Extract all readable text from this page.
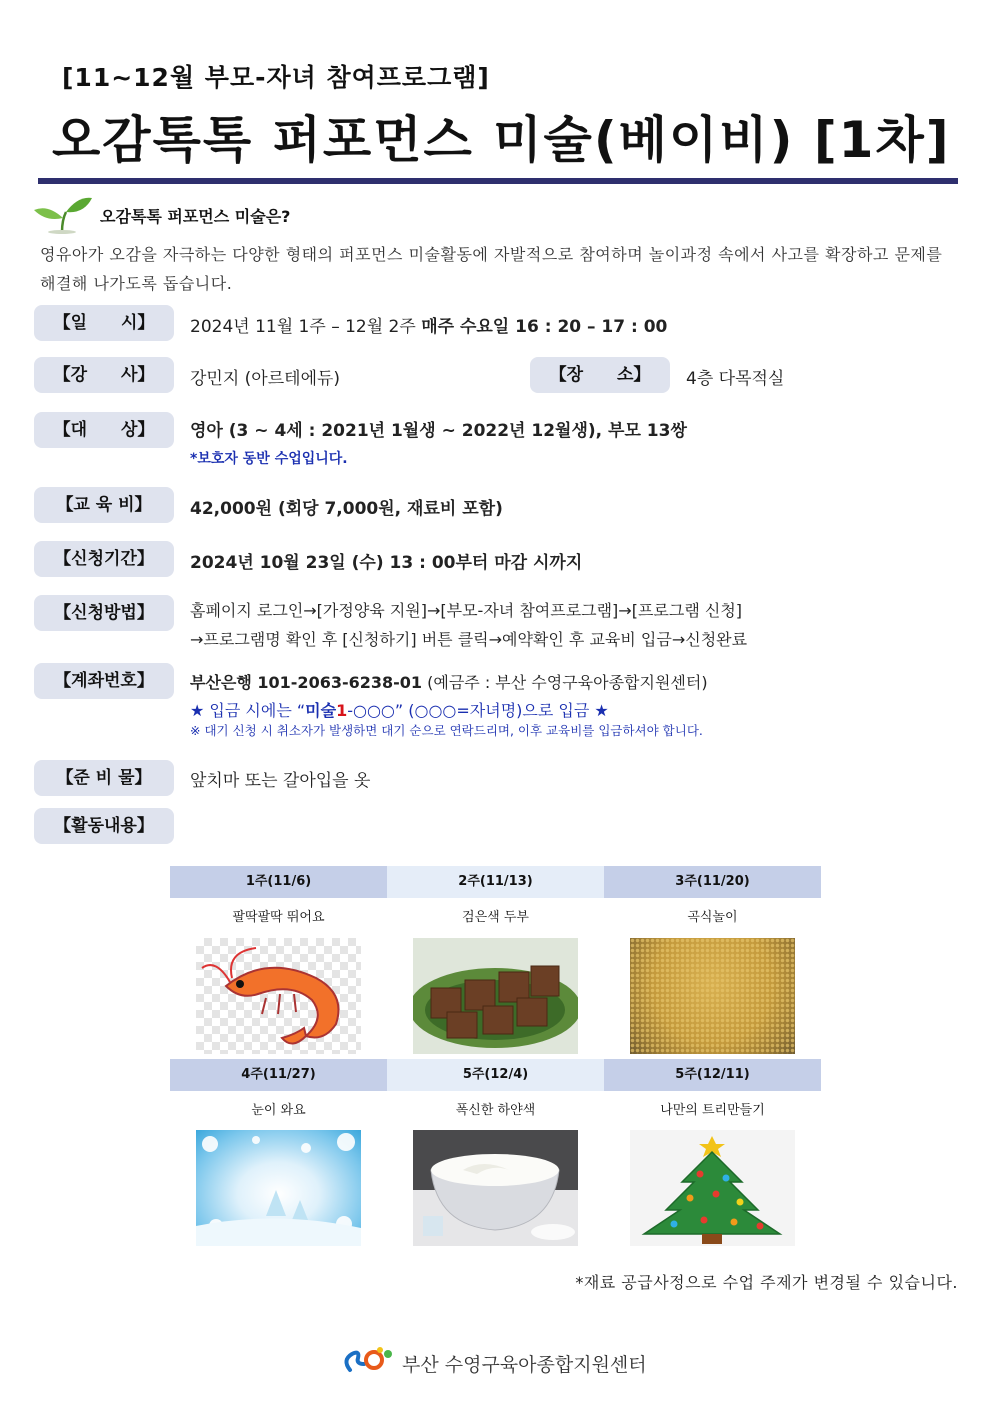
[11~12월 부모-자녀 참여프로그램]
오감톡톡 퍼포먼스 미술(베이비) [1차]
오감톡톡 퍼포먼스 미술은?
영유아가 오감을 자극하는 다양한 형태의 퍼포먼스 미술활동에 자발적으로 참여하며 놀이과정 속에서 사고를 확장하고 문제를 해결해 나가도록 돕습니다.
【일　　시】	2024년 11월 1주 – 12월 2주 매주 수요일 16 : 20 – 17 : 00
【강　　사】	강민지 (아르테에듀)	【장　　소】	4층 다목적실
【대　　상】	영아 (3 ~ 4세 : 2021년 1월생 ~ 2022년 12월생), 부모 13쌍
*보호자 동반 수업입니다.
【교 육 비】	42,000원 (회당 7,000원, 재료비 포함)
【신청기간】	2024년 10월 23일 (수) 13 : 00부터 마감 시까지
【신청방법】	홈페이지 로그인→[가정양육 지원]→[부모-자녀 참여프로그램]→[프로그램 신청]
→프로그램명 확인 후 [신청하기] 버튼 클릭→예약확인 후 교육비 입금→신청완료
【계좌번호】	부산은행 101-2063-6238-01 (예금주 : 부산 수영구육아종합지원센터)
★ 입금 시에는 “미술1-○○○” (○○○=자녀명)으로 입금 ★
※ 대기 신청 시 취소자가 발생하면 대기 순으로 연락드리며, 이후 교육비를 입금하셔야 합니다.
【준 비 물】	앞치마 또는 갈아입을 옷
【활동내용】
1주(11/6)	2주(11/13)	3주(11/20)
팔딱팔딱 뛰어요	검은색 두부	곡식놀이
4주(11/27)	5주(12/4)	5주(12/11)
눈이 와요	폭신한 하얀색	나만의 트리만들기
*재료 공급사정으로 수업 주제가 변경될 수 있습니다.
부산 수영구육아종합지원센터
